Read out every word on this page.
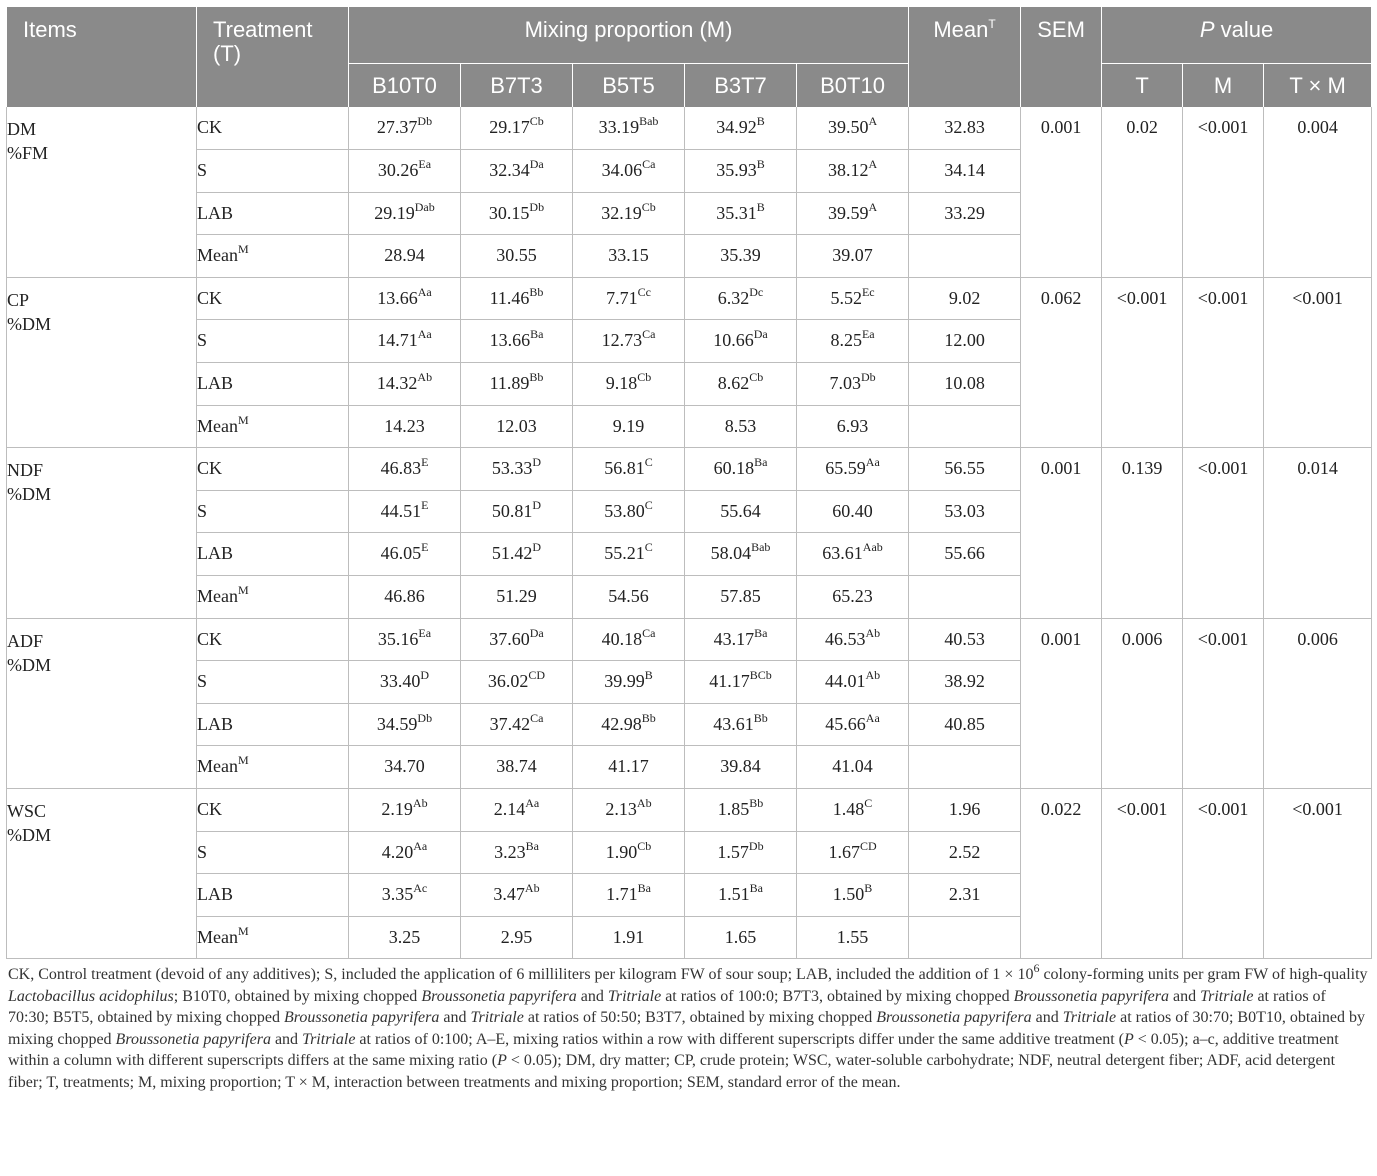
Items	Treatment
(T)	Mixing proportion (M)					Mean$^T$	SEM	P value		
		B10T0	B7T3	B5T5	B3T7	B0T10			T	M	T × M

DM
%FM	CK	$27.37^{Db}$	$29.17^{Cb}$	$33.19^{Bab}$	$34.92^B$	$39.50^A$	32.83	0.001	0.02	<0.001	0.004
	S	$30.26^{Ea}$	$32.34^{Da}$	$34.06^{Ca}$	$35.93^B$	$38.12^A$	34.14				
	LAB	$29.19^{Dab}$	$30.15^{Db}$	$32.19^{Cb}$	$35.31^B$	$39.59^A$	33.29				
	Mean$^M$	28.94	30.55	33.15	35.39	39.07					

CP
%DM	CK	$13.66^{Aa}$	$11.46^{Bb}$	$7.71^{Cc}$	$6.32^{Dc}$	$5.52^{Ec}$	9.02	0.062	<0.001	<0.001	<0.001
	S	$14.71^{Aa}$	$13.66^{Ba}$	$12.73^{Ca}$	$10.66^{Da}$	$8.25^{Ea}$	12.00				
	LAB	$14.32^{Ab}$	$11.89^{Bb}$	$9.18^{Cb}$	$8.62^{Cb}$	$7.03^{Db}$	10.08				
	Mean$^M$	14.23	12.03	9.19	8.53	6.93					

NDF
%DM	CK	$46.83^E$	$53.33^D$	$56.81^C$	$60.18^{Ba}$	$65.59^{Aa}$	56.55	0.001	0.139	<0.001	0.014
	S	$44.51^E$	$50.81^D$	$53.80^C$	55.64	60.40	53.03				
	LAB	$46.05^E$	$51.42^D$	$55.21^C$	$58.04^{Bab}$	$63.61^{Aab}$	55.66				
	Mean$^M$	46.86	51.29	54.56	57.85	65.23					

ADF
%DM	CK	$35.16^{Ea}$	$37.60^{Da}$	$40.18^{Ca}$	$43.17^{Ba}$	$46.53^{Ab}$	40.53	0.001	0.006	<0.001	0.006
	S	$33.40^D$	$36.02^{CD}$	$39.99^B$	$41.17^{BCb}$	$44.01^{Ab}$	38.92				
	LAB	$34.59^{Db}$	$37.42^{Ca}$	$42.98^{Bb}$	$43.61^{Bb}$	$45.66^{Aa}$	40.85				
	Mean$^M$	34.70	38.74	41.17	39.84	41.04					

WSC
%DM	CK	$2.19^{Ab}$	$2.14^{Aa}$	$2.13^{Ab}$	$1.85^{Bb}$	$1.48^C$	1.96	0.022	<0.001	<0.001	<0.001
	S	$4.20^{Aa}$	$3.23^{Ba}$	$1.90^{Cb}$	$1.57^{Db}$	$1.67^{CD}$	2.52				
	LAB	$3.35^{Ac}$	$3.47^{Ab}$	$1.71^{Ba}$	$1.51^{Ba}$	$1.50^B$	2.31				
	Mean$^M$	3.25	2.95	1.91	1.65	1.55					
CK, Control treatment (devoid of any additives); S, included the application of 6 milliliters per kilogram FW of sour soup; LAB, included the addition of $1 \times 10^6$ colony-forming units per gram FW of high-quality Lactobacillus acidophilus; B10T0, obtained by mixing chopped Broussonetia papyrifera and Tritriale at ratios of 100:0; B7T3, obtained by mixing chopped Broussonetia papyrifera and Tritriale at ratios of 70:30; B5T5, obtained by mixing chopped Broussonetia papyrifera and Tritriale at ratios of 50:50; B3T7, obtained by mixing chopped Broussonetia papyrifera and Tritriale at ratios of 30:70; B0T10, obtained by mixing chopped Broussonetia papyrifera and Tritriale at ratios of 0:100; A–E, mixing ratios within a row with different superscripts differ under the same additive treatment (P < 0.05); a–c, additive treatment within a column with different superscripts differs at the same mixing ratio (P < 0.05); DM, dry matter; CP, crude protein; WSC, water-soluble carbohydrate; NDF, neutral detergent fiber; ADF, acid detergent fiber; T, treatments; M, mixing proportion; T × M, interaction between treatments and mixing proportion; SEM, standard error of the mean.
